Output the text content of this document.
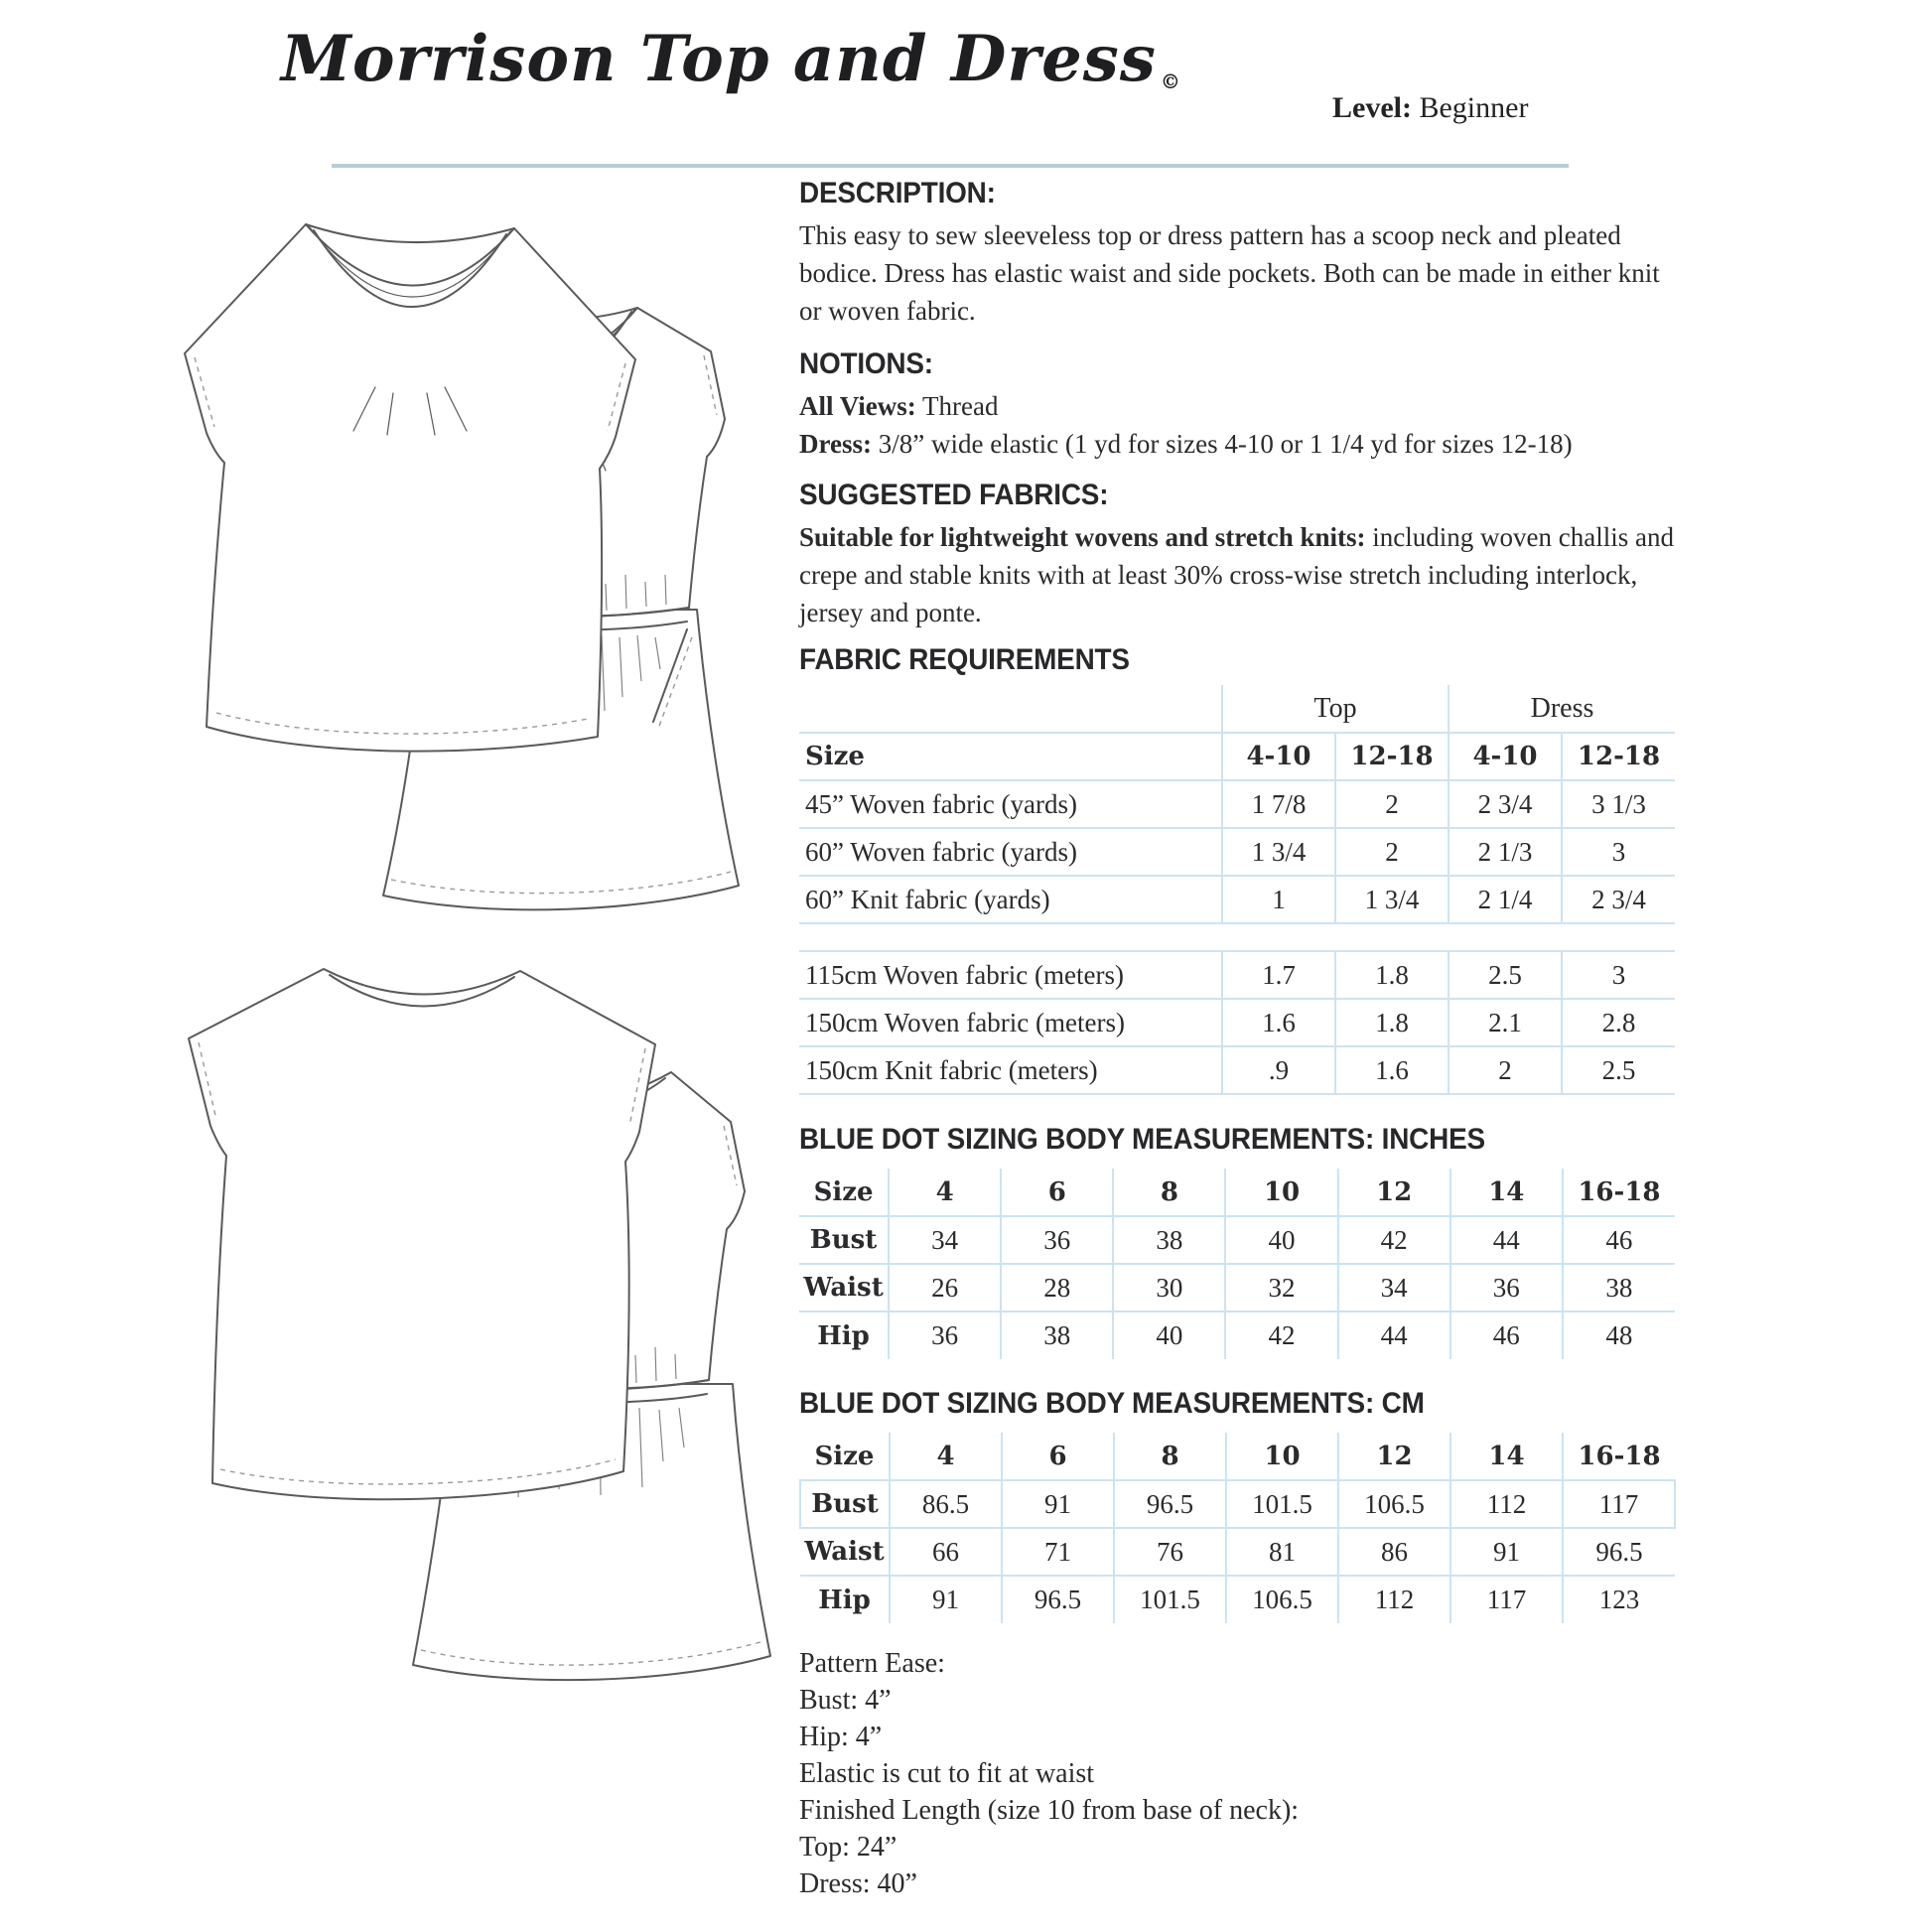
Morrison Top and Dress ©
Level: Beginner
DESCRIPTION:

This easy to sew sleeveless top or dress pattern has a scoop neck and pleated bodice. Dress has elastic waist and side pockets. Both can be made in either knit or woven fabric.

NOTIONS:

All Views: Thread

Dress: 3/8” wide elastic (1 yd for sizes 4-10 or 1 1/4 yd for sizes 12-18)

SUGGESTED FABRICS:

Suitable for lightweight wovens and stretch knits: including woven challis and crepe and stable knits with at least 30% cross-wise stretch including interlock, jersey and ponte.

FABRIC REQUIREMENTS
	Top		Dress	
Size	4-10	12-18	4-10	12-18
45” Woven fabric (yards)	1 7/8	2	2 3/4	3 1/3
60” Woven fabric (yards)	1 3/4	2	2 1/3	3
60” Knit fabric (yards)	1	1 3/4	2 1/4	2 3/4
115cm Woven fabric (meters)	1.7	1.8	2.5	3
150cm Woven fabric (meters)	1.6	1.8	2.1	2.8
150cm Knit fabric (meters)	.9	1.6	2	2.5
BLUE DOT SIZING BODY MEASUREMENTS: INCHES
Size	4	6	8	10	12	14	16-18
Bust	34	36	38	40	42	44	46
Waist	26	28	30	32	34	36	38
Hip	36	38	40	42	44	46	48
BLUE DOT SIZING BODY MEASUREMENTS: CM
Size	4	6	8	10	12	14	16-18
Bust	86.5	91	96.5	101.5	106.5	112	117
Waist	66	71	76	81	86	91	96.5
Hip	91	96.5	101.5	106.5	112	117	123
Pattern Ease:
Bust: 4”
Hip: 4”
Elastic is cut to fit at waist
Finished Length (size 10 from base of neck):
Top: 24”
Dress: 40”
